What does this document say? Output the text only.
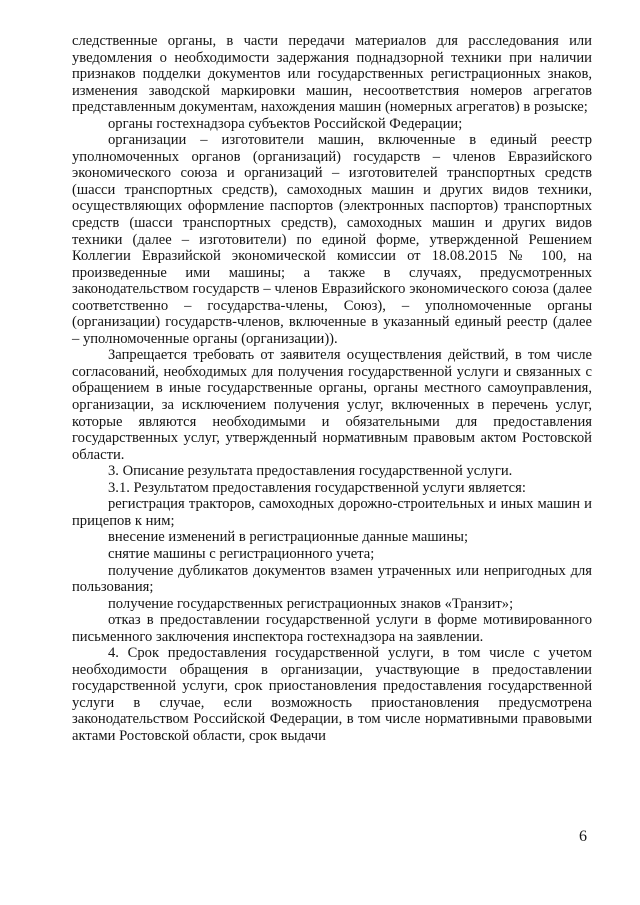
следственные органы, в части передачи материалов для расследования или уведомления о необходимости задержания поднадзорной техники при наличии признаков подделки документов или государственных регистрационных знаков, изменения заводской маркировки машин, несоответствия номеров агрегатов представленным документам, нахождения машин (номерных агрегатов) в розыске;

органы гостехнадзора субъектов Российской Федерации;

организации – изготовители машин, включенные в единый реестр уполномоченных органов (организаций) государств – членов Евразийского экономического союза и организаций – изготовителей транспортных средств (шасси транспортных средств), самоходных машин и других видов техники, осуществляющих оформление паспортов (электронных паспортов) транспортных средств (шасси транспортных средств), самоходных машин и других видов техники (далее – изготовители) по единой форме, утвержденной Решением Коллегии Евразийской экономической комиссии от 18.08.2015 № 100, на произведенные ими машины; а также в случаях, предусмотренных законодательством государств – членов Евразийского экономического союза (далее соответственно – государства-члены, Союз), – уполномоченные органы (организации) государств-членов, включенные в указанный единый реестр (далее – уполномоченные органы (организации)).

Запрещается требовать от заявителя осуществления действий, в том числе согласований, необходимых для получения государственной услуги и связанных с обращением в иные государственные органы, органы местного самоуправления, организации, за исключением получения услуг, включенных в перечень услуг, которые являются необходимыми и обязательными для предоставления государственных услуг, утвержденный нормативным правовым актом Ростовской области.

3. Описание результата предоставления государственной услуги.

3.1. Результатом предоставления государственной услуги является:

регистрация тракторов, самоходных дорожно-строительных и иных машин и прицепов к ним;

внесение изменений в регистрационные данные машины;

снятие машины с регистрационного учета;

получение дубликатов документов взамен утраченных или непригодных для пользования;

получение государственных регистрационных знаков «Транзит»;

отказ в предоставлении государственной услуги в форме мотивированного письменного заключения инспектора гостехнадзора на заявлении.

4. Срок предоставления государственной услуги, в том числе с учетом необходимости обращения в организации, участвующие в предоставлении государственной услуги, срок приостановления предоставления государственной услуги в случае, если возможность приостановления предусмотрена законодательством Российской Федерации, в том числе нормативными правовыми актами Ростовской области, срок выдачи

6
